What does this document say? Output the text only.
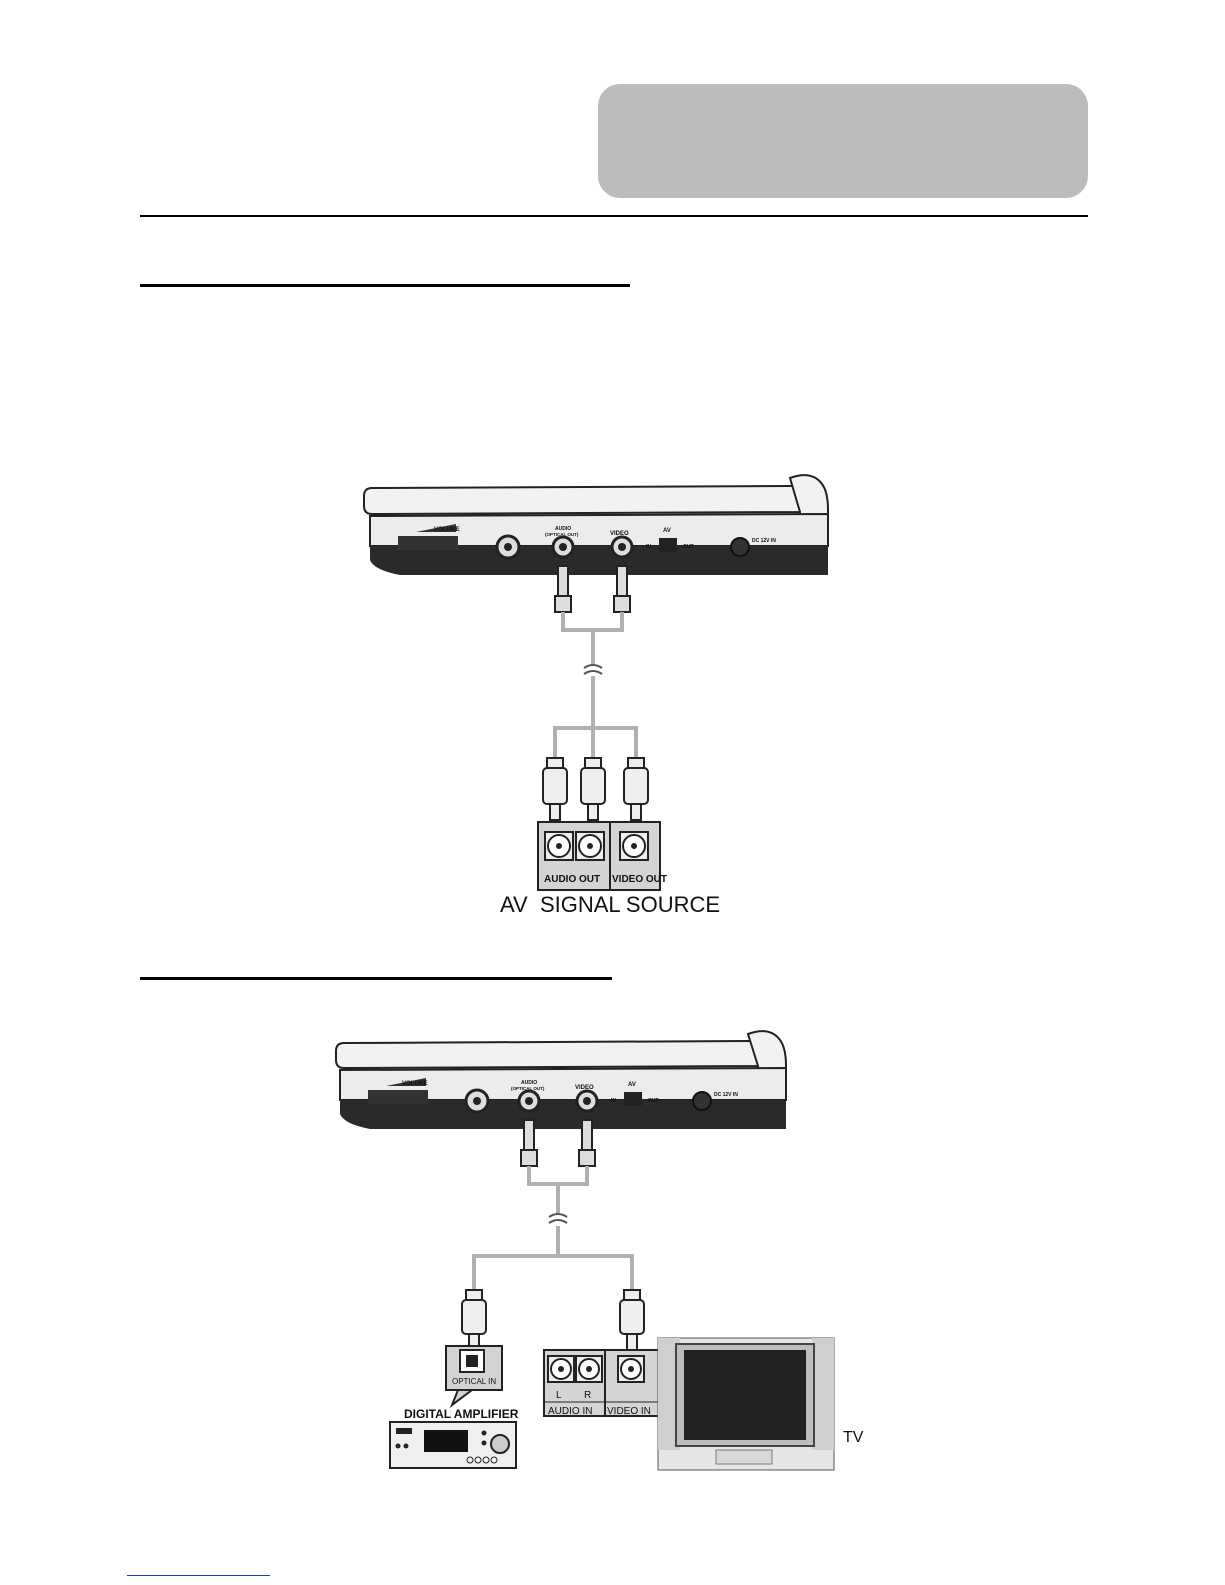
VOLUME	AUDIO
(OPTICAL OUT)	VIDEO	AV
IN	OUT
DC 12V IN
AUDIO OUT VIDEO OUT
AV  SIGNAL SOURCE
VOLUME	AUDIO
(OPTICAL OUT)	VIDEO	AV
IN	OUT
DC 12V IN
OPTICAL IN
DIGITAL AMPLIFIER
L R
AUDIO IN VIDEO IN
TV
